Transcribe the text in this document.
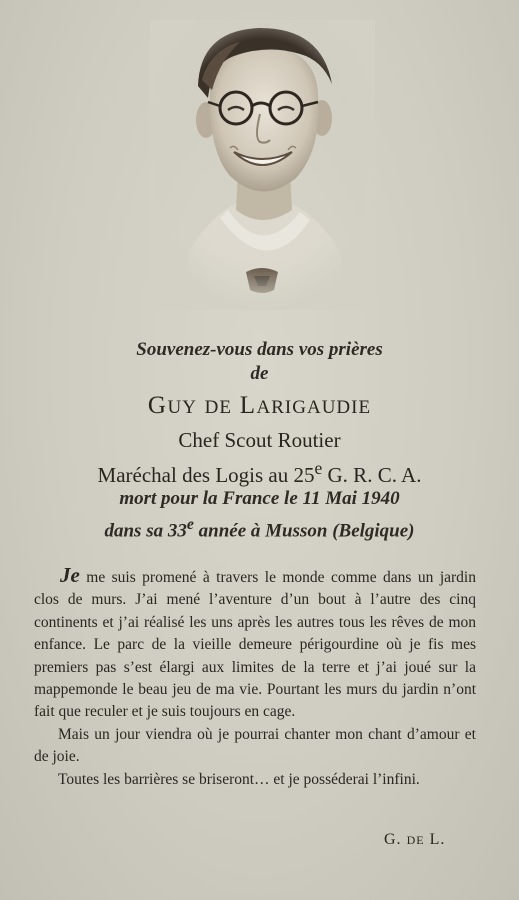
Souvenez-vous dans vos prières
de
GUY DE LARIGAUDIE
Chef Scout Routier
Maréchal des Logis au 25e G. R. C. A.
mort pour la France le 11 Mai 1940
dans sa 33e année à Musson (Belgique)

Je me suis promené à travers le monde comme dans un jardin clos de murs. J’ai mené l’aventure d’un bout à l’autre des cinq continents et j’ai réalisé les uns après les autres tous les rêves de mon enfance. Le parc de la vieille demeure périgourdine où je fis mes premiers pas s’est élargi aux limites de la terre et j’ai joué sur la mappemonde le beau jeu de ma vie. Pourtant les murs du jardin n’ont fait que reculer et je suis toujours en cage.

Mais un jour viendra où je pourrai chanter mon chant d’amour et de joie.

Toutes les barrières se briseront… et je posséderai l’infini.

G. DE L.
